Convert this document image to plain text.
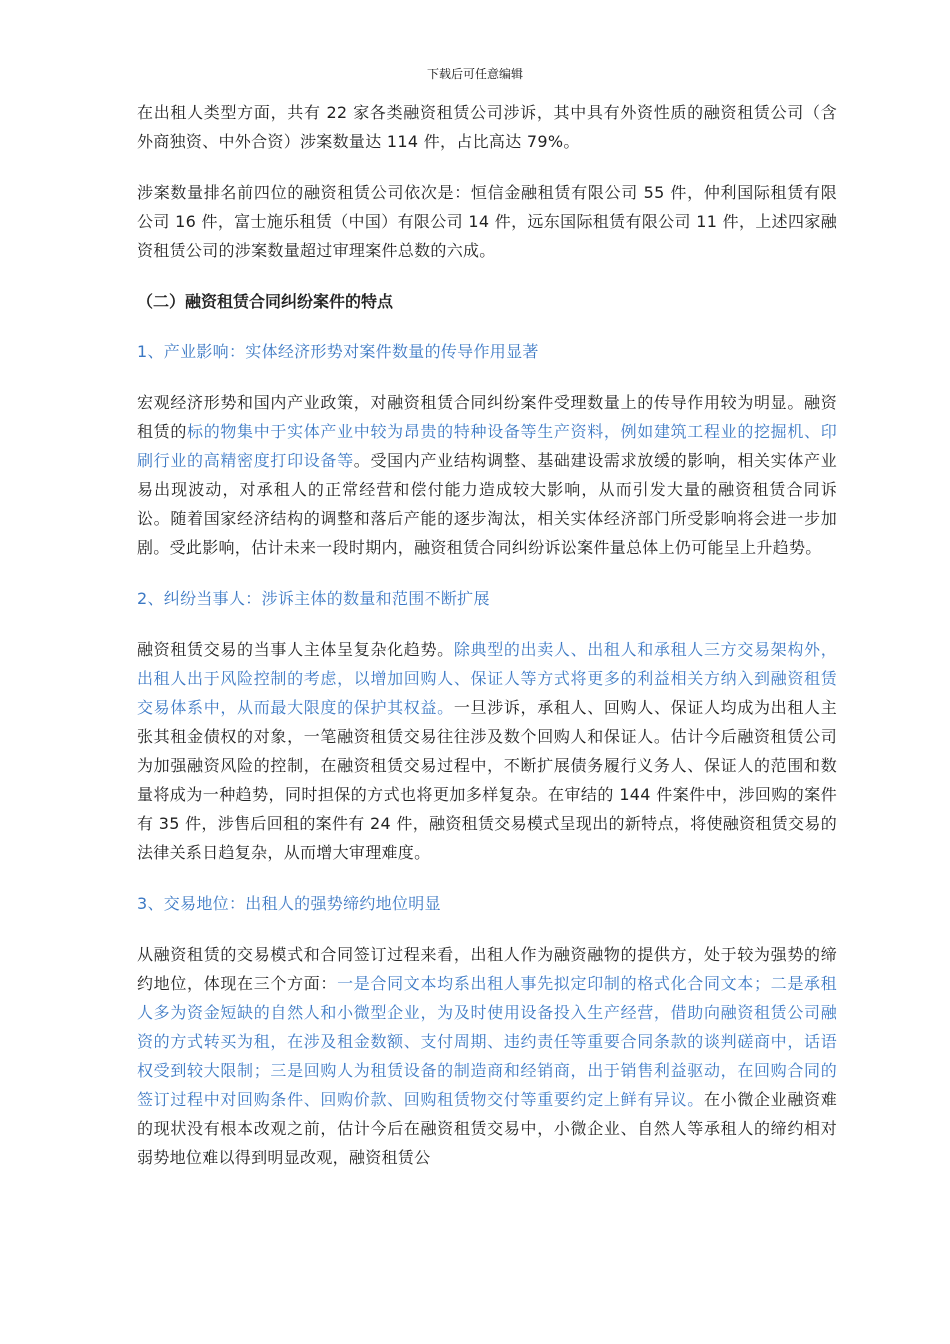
下载后可任意编辑

在出租人类型方面，共有 22 家各类融资租赁公司涉诉，其中具有外资性质的融资租赁公司（含外商独资、中外合资）涉案数量达 114 件，占比高达 79%。

涉案数量排名前四位的融资租赁公司依次是：恒信金融租赁有限公司 55 件，仲利国际租赁有限公司 16 件，富士施乐租赁（中国）有限公司 14 件，远东国际租赁有限公司 11 件，上述四家融资租赁公司的涉案数量超过审理案件总数的六成。

（二）融资租赁合同纠纷案件的特点

1、产业影响：实体经济形势对案件数量的传导作用显著

宏观经济形势和国内产业政策，对融资租赁合同纠纷案件受理数量上的传导作用较为明显。融资租赁的标的物集中于实体产业中较为昂贵的特种设备等生产资料，例如建筑工程业的挖掘机、印刷行业的高精密度打印设备等。受国内产业结构调整、基础建设需求放缓的影响，相关实体产业易出现波动，对承租人的正常经营和偿付能力造成较大影响，从而引发大量的融资租赁合同诉讼。随着国家经济结构的调整和落后产能的逐步淘汰，相关实体经济部门所受影响将会进一步加剧。受此影响，估计未来一段时期内，融资租赁合同纠纷诉讼案件量总体上仍可能呈上升趋势。

2、纠纷当事人：涉诉主体的数量和范围不断扩展

融资租赁交易的当事人主体呈复杂化趋势。除典型的出卖人、出租人和承租人三方交易架构外，出租人出于风险控制的考虑，以增加回购人、保证人等方式将更多的利益相关方纳入到融资租赁交易体系中，从而最大限度的保护其权益。一旦涉诉，承租人、回购人、保证人均成为出租人主张其租金债权的对象，一笔融资租赁交易往往涉及数个回购人和保证人。估计今后融资租赁公司为加强融资风险的控制，在融资租赁交易过程中，不断扩展债务履行义务人、保证人的范围和数量将成为一种趋势，同时担保的方式也将更加多样复杂。在审结的 144 件案件中，涉回购的案件有 35 件，涉售后回租的案件有 24 件，融资租赁交易模式呈现出的新特点，将使融资租赁交易的法律关系日趋复杂，从而增大审理难度。

3、交易地位：出租人的强势缔约地位明显

从融资租赁的交易模式和合同签订过程来看，出租人作为融资融物的提供方，处于较为强势的缔约地位，体现在三个方面：一是合同文本均系出租人事先拟定印制的格式化合同文本；二是承租人多为资金短缺的自然人和小微型企业，为及时使用设备投入生产经营，借助向融资租赁公司融资的方式转买为租，在涉及租金数额、支付周期、违约责任等重要合同条款的谈判磋商中，话语权受到较大限制；三是回购人为租赁设备的制造商和经销商，出于销售利益驱动，在回购合同的签订过程中对回购条件、回购价款、回购租赁物交付等重要约定上鲜有异议。在小微企业融资难的现状没有根本改观之前，估计今后在融资租赁交易中，小微企业、自然人等承租人的缔约相对弱势地位难以得到明显改观，融资租赁公
